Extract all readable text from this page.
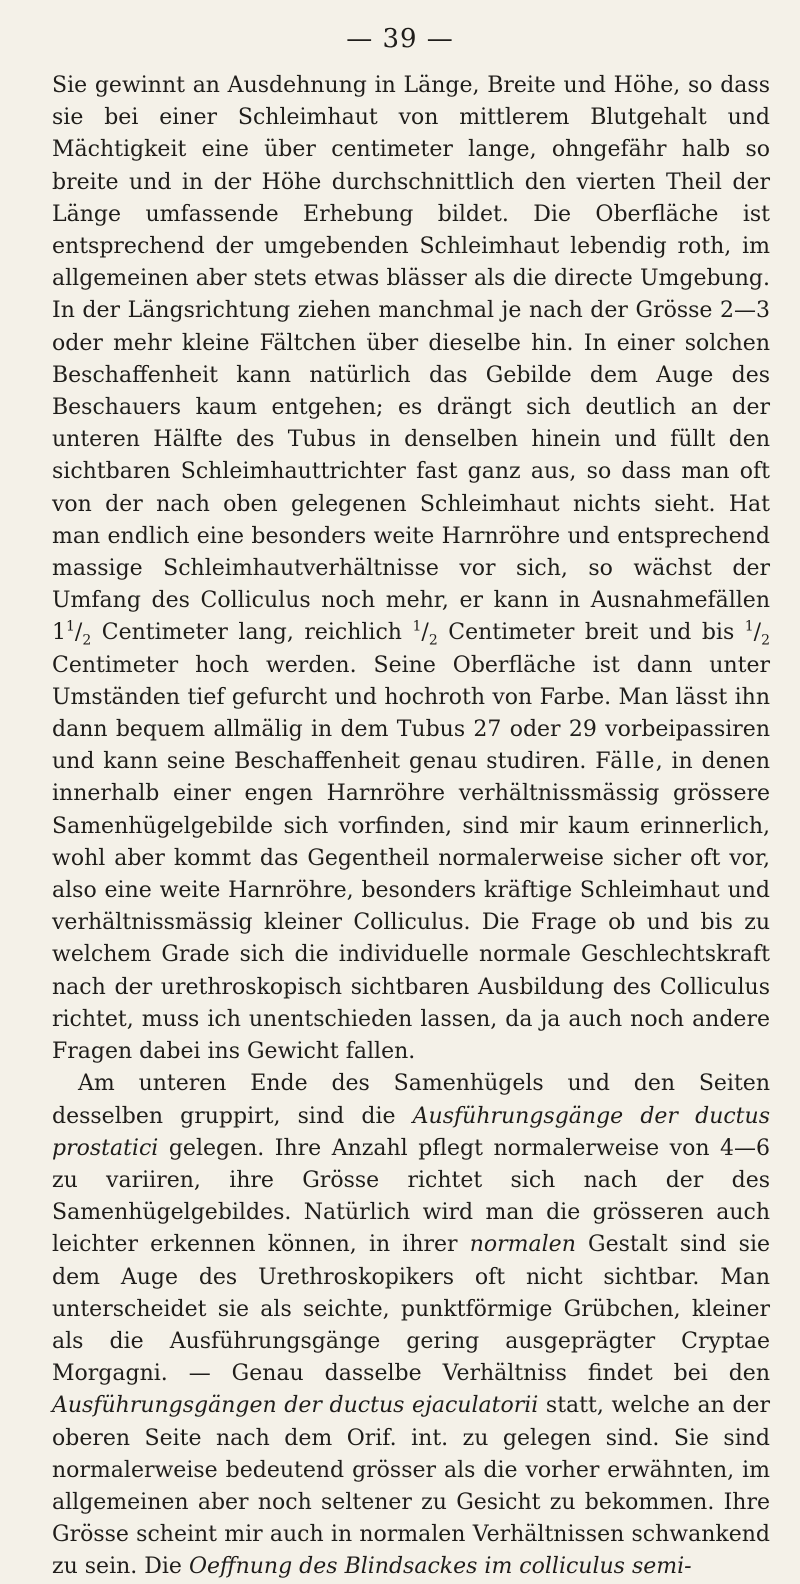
— 39 —

Sie gewinnt an Ausdehnung in Länge, Breite und Höhe, so dass sie bei einer Schleimhaut von mittlerem Blutgehalt und Mächtigkeit eine über centimeter lange, ohngefähr halb so breite und in der Höhe durchschnittlich den vierten Theil der Länge umfassende Erhebung bildet. Die Oberfläche ist entsprechend der umgebenden Schleimhaut lebendig roth, im allgemeinen aber stets etwas blässer als die directe Umgebung. In der Längsrichtung ziehen manchmal je nach der Grösse 2—3 oder mehr kleine Fältchen über dieselbe hin. In einer solchen Beschaffenheit kann natürlich das Gebilde dem Auge des Beschauers kaum entgehen; es drängt sich deutlich an der unteren Hälfte des Tubus in denselben hinein und füllt den sichtbaren Schleimhauttrichter fast ganz aus, so dass man oft von der nach oben gelegenen Schleimhaut nichts sieht. Hat man endlich eine besonders weite Harnröhre und entsprechend massige Schleimhautverhältnisse vor sich, so wächst der Umfang des Colliculus noch mehr, er kann in Ausnahmefällen $1^1/_2$ Centimeter lang, reichlich $^1/_2$ Centimeter breit und bis $^1/_2$ Centimeter hoch werden. Seine Oberfläche ist dann unter Umständen tief gefurcht und hochroth von Farbe. Man lässt ihn dann bequem allmälig in dem Tubus 27 oder 29 vorbeipassiren und kann seine Beschaffenheit genau studiren. Fälle, in denen innerhalb einer engen Harnröhre verhältnissmässig grössere Samenhügelgebilde sich vorfinden, sind mir kaum erinnerlich, wohl aber kommt das Gegentheil normalerweise sicher oft vor, also eine weite Harnröhre, besonders kräftige Schleimhaut und verhältnissmässig kleiner Colliculus. Die Frage ob und bis zu welchem Grade sich die individuelle normale Geschlechtskraft nach der urethroskopisch sichtbaren Ausbildung des Colliculus richtet, muss ich unentschieden lassen, da ja auch noch andere Fragen dabei ins Gewicht fallen.

Am unteren Ende des Samenhügels und den Seiten desselben gruppirt, sind die Ausführungsgänge der ductus prostatici gelegen. Ihre Anzahl pflegt normalerweise von 4—6 zu variiren, ihre Grösse richtet sich nach der des Samenhügelgebildes. Natürlich wird man die grösseren auch leichter erkennen können, in ihrer normalen Gestalt sind sie dem Auge des Urethroskopikers oft nicht sichtbar. Man unterscheidet sie als seichte, punktförmige Grübchen, kleiner als die Ausführungsgänge gering ausgeprägter Cryptae Morgagni. — Genau dasselbe Verhältniss findet bei den Ausführungsgängen der ductus ejaculatorii statt, welche an der oberen Seite nach dem Orif. int. zu gelegen sind. Sie sind normalerweise bedeutend grösser als die vorher erwähnten, im allgemeinen aber noch seltener zu Gesicht zu bekommen. Ihre Grösse scheint mir auch in normalen Verhältnissen schwankend zu sein. Die Oeffnung des Blindsackes im colliculus semi-
